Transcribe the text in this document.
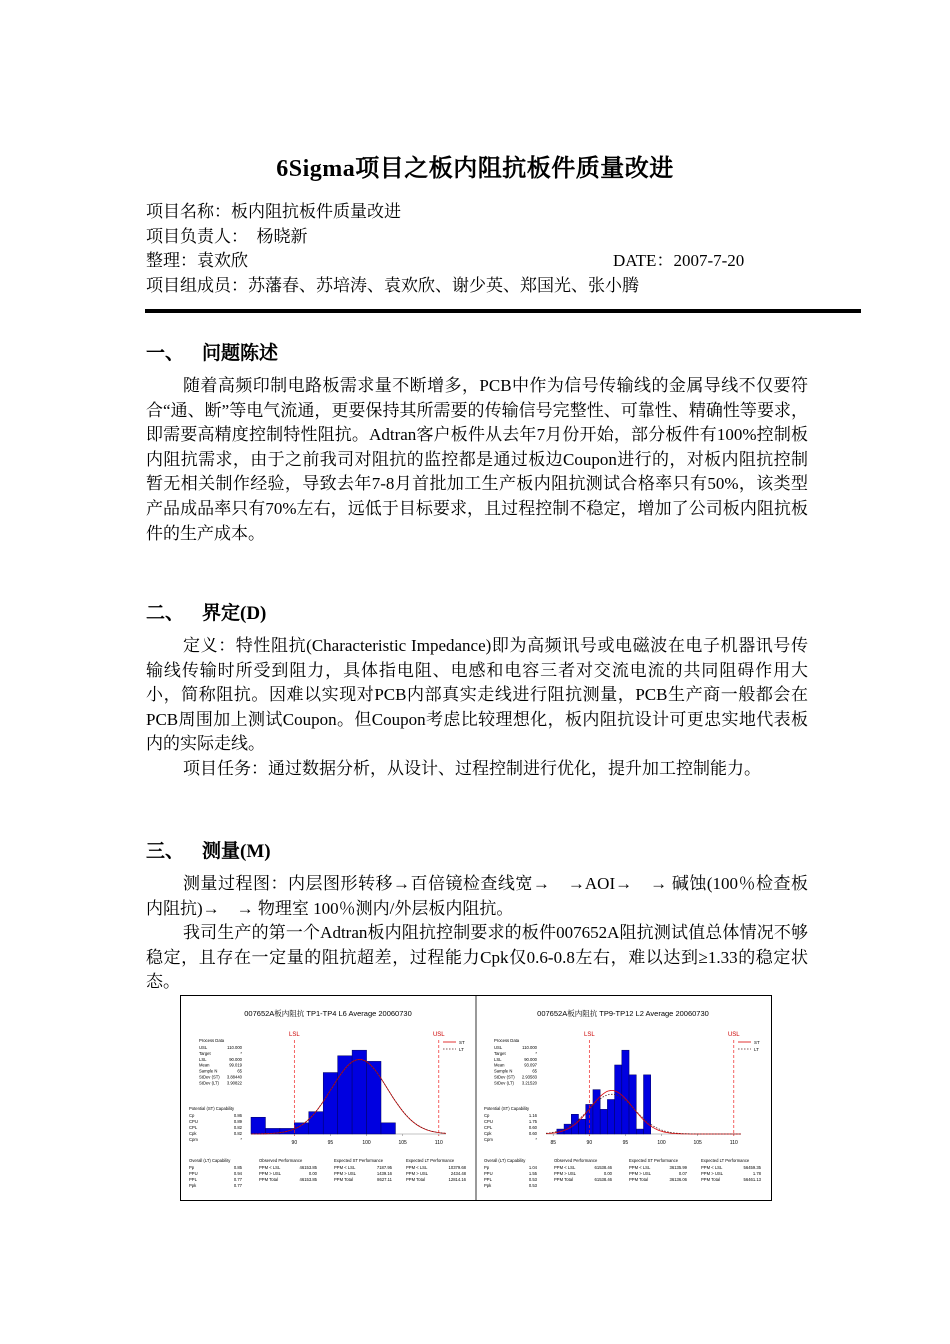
6Sigma项目之板内阻抗板件质量改进
项目名称：板内阻抗板件质量改进
项目负责人：　杨晓新
整理：袁欢欣	DATE：2007-7-20
项目组成员：苏藩春、苏培涛、袁欢欣、谢少英、郑国光、张小腾
一、 问题陈述

随着高频印制电路板需求量不断增多，PCB中作为信号传输线的金属导线不仅要符合“通、断”等电气流通，更要保持其所需要的传输信号完整性、可靠性、精确性等要求，即需要高精度控制特性阻抗。Adtran客户板件从去年7月份开始，部分板件有100%控制板内阻抗需求，由于之前我司对阻抗的监控都是通过板边Coupon进行的，对板内阻抗控制暂无相关制作经验，导致去年7-8月首批加工生产板内阻抗测试合格率只有50%，该类型产品成品率只有70%左右，远低于目标要求，且过程控制不稳定，增加了公司板内阻抗板件的生产成本。

二、 界定(D)

定义：特性阻抗(Characteristic Impedance)即为高频讯号或电磁波在电子机器讯号传输线传输时所受到阻力，具体指电阻、电感和电容三者对交流电流的共同阻碍作用大小，简称阻抗。因难以实现对PCB内部真实走线进行阻抗测量，PCB生产商一般都会在PCB周围加上测试Coupon。但Coupon考虑比较理想化，板内阻抗设计可更忠实地代表板内的实际走线。

项目任务：通过数据分析，从设计、过程控制进行优化，提升加工控制能力。

三、 测量(M)

测量过程图：内层图形转移→百倍镜检查线宽→　→AOI→　→ 碱蚀(100％检查板内阻抗)→　→ 物理室 100％测内/外层板内阻抗。

我司生产的第一个Adtran板内阻抗控制要求的板件007652A阻抗测试值总体情况不够稳定，且存在一定量的阻抗超差，过程能力Cpk仅0.6-0.8左右，难以达到≥1.33的稳定状态。

007652A板内阻抗 TP1-TP4 L6 Average 20060730
Process Data
USL	110.000
Target	*
LSL	90.000
Mean	99.019
Sample N	65
StDev (ST) 3.88440
StDev (LT) 3.90822
Potential (ST) Capability
Cp	0.86
CPU	0.89
CPL	0.82
Cpk	0.82
Cpm	*
90	95	100	105	110
LSL	USL
ST
LT
Overall (LT) Capability
Pp	0.85
PPU	0.94
PPL	0.77
Ppk	0.77
Observed Performance
PPM < LSL	46153.85
PPM > USL	0.00
PPM Total	46153.85
Expected ST Performance
PPM < LSL	7187.95
PPM > USL	1439.16
PPM Total	8627.11
Expected LT Performance
PPM < LSL	10379.68
PPM > USL	2434.48
PPM Total	12814.16
007652A板内阻抗 TP9-TP12 L2 Average 20060730
Process Data
USL	110.000
Target	*
LSL	90.000
Mean	93.097
Sample N	65
StDev (ST) 2.93583
StDev (LT) 3.21520
Potential (ST) Capability
Cp	1.16
CPU	1.75
CPL	0.60
Cpk	0.60
Cpm	*
85	90	95	100	105	110
LSL	USL
ST
LT
Overall (LT) Capability
Pp	1.04
PPU	1.55
PPL	0.53
Ppk	0.53
Observed Performance
PPM < LSL	61538.46
PPM > USL	0.00
PPM Total	61538.46
Expected ST Performance
PPM < LSL	36135.99
PPM > USL	0.07
PPM Total	36136.06
Expected LT Performance
PPM < LSL	56459.35
PPM > USL	1.78
PPM Total	56461.13
